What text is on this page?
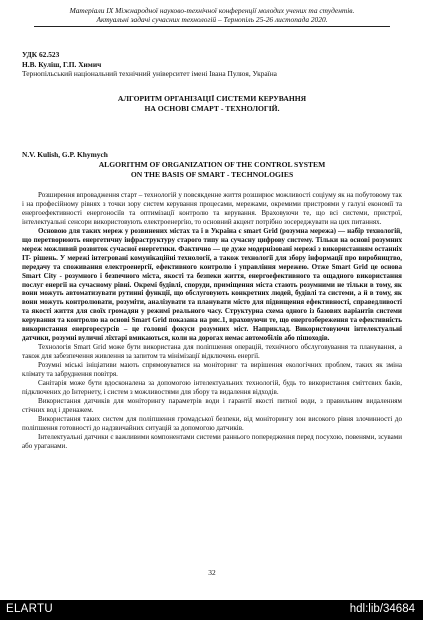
Матеріали ІХ Міжнародної науково-технічної конференції молодих учених та студентів.
Актуальні задачі сучасних технологій – Тернопіль 25-26 листопада 2020.
УДК 62.523
Н.В. Кулiш, Г.П. Химич
Тернопільський національний технічний університет імені Івана Пулюя, Україна
АЛГОРИТМ ОРГАНІЗАЦІЇ СИСТЕМИ КЕРУВАННЯ
НА ОСНОВІ СМАРТ - ТЕХНОЛОГІЙ.
N.V. Kulish, G.P. Khymych
ALGORITHM OF ORGANIZATION OF THE CONTROL SYSTEM
ON THE BASIS OF SMART - TECHNOLOGIES

Розширення впровадження старт – технологій у повсякденне життя розширює можливості соціуму як на побутовому так і на професійному рівнях з точки зору систем керування процесами, мережами, окремими пристроями у галузі економії та енергоефективності енергоносіїв та оптимізації контролю та керування. Враховуючи те, що всі системи, пристрої, інтелектуальні сенсори використовують електроенергію, то основний акцент потрібно зосереджувати на цих питаннях.

Основою для таких мереж у розвинених містах та і в Україна є smart Grid (розумна мережа) — набір технологій, що перетворюють енергетичну інфраструктуру старого типу на сучасну цифрову систему. Тільки на основі розумних мереж можливий розвиток сучасної енергетики. Фактично — це дуже модернізовані мережі з використанням останніх IT- рішень. У мережі інтегровані комунікаційні технології, а також технології для збору інформації про виробництво, передачу та споживання електроенергії, ефективного контролю і управління мережею. Отже Smart Grid це основа Smart City - розумного і безпечного міста, якості та безпеки життя, енергоефективного та ощадного використання послуг енергії на сучасному рівні. Окремі будівлі, споруди, приміщення міста стають розумними не тільки в тому, як вони можуть автоматизувати рутинні функції, що обслуговують конкретних людей, будівлі та системи, а й в тому, як вони можуть контролювати, розуміти, аналізувати та планувати місто для підвищення ефективності, справедливості та якості життя для своїх громадян у режимі реального часу. Структурна схема одного із базових варіантів системи керування та контролю на основі Smart Grid показана на рис.1, враховуючи те, що енергозбереження та ефективність використання енергоресурсів – це головні фокуси розумних міст. Наприклад. Використовуючи інтелектуальні датчики, розумні вуличні ліхтарі вмикаються, коли на дорогах немає автомобілів або пішоходів.

Технологія Smart Grid може бути використана для поліпшення операцій, технічного обслуговування та планування, а також для забезпечення живлення за запитом та мінімізації відключень енергії.

Розумні міські ініціативи мають спрямовуватися на моніторинг та вирішення екологічних проблем, таких як зміна клімату та забруднення повітря.

Санітарія може бути вдосконалена за допомогою інтелектуальних технологій, будь то використання сміттєвих баків, підключених до Інтернету, і систем з можливостями для збору та видалення відходів.

Використання датчиків для моніторингу параметрів води і гарантії якості питної води, з правильним видаленням стічних вод і дренажем.

Використання таких систем для поліпшення громадської безпеки, від моніторингу зон високого рівня злочинності до поліпшення готовності до надзвичайних ситуацій за допомогою датчиків.

Інтелектуальні датчики є важливими компонентами системи раннього попередження перед посухою, повенями, зсувами або ураганами.

32
ELARTU	hdl:lib/34684
